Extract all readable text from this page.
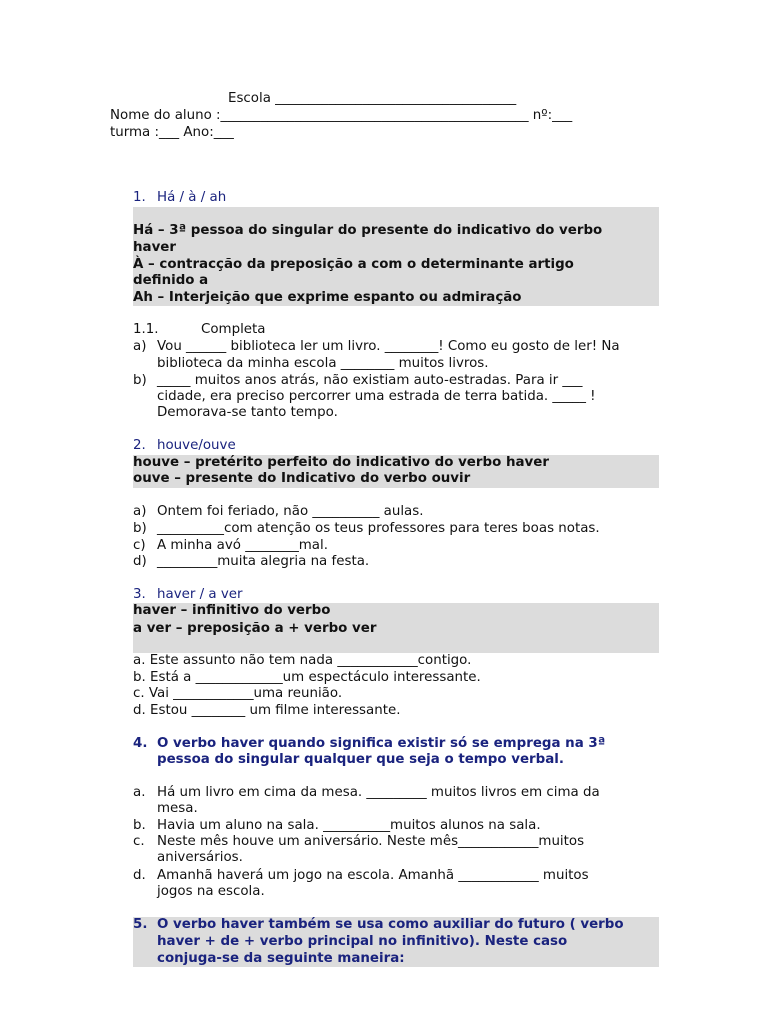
Escola ____________________________________
Nome do aluno :______________________________________________ nº:___
turma :___ Ano:___
1. Há / à / ah
Há – 3ª pessoa do singular do presente do indicativo do verbo
haver
À – contracção da preposição a com o determinante artigo
definido a
Ah – Interjeição que exprime espanto ou admiração
1.1.	Completa
a) Vou ______ biblioteca ler um livro. ________! Como eu gosto de ler! Na
biblioteca da minha escola ________ muitos livros.
b) _____ muitos anos atrás, não existiam auto-estradas. Para ir ___
cidade, era preciso percorrer uma estrada de terra batida. _____ !
Demorava-se tanto tempo.
2. houve/ouve
houve – pretérito perfeito do indicativo do verbo haver
ouve – presente do Indicativo do verbo ouvir
a) Ontem foi feriado, não __________ aulas.
b) __________com atenção os teus professores para teres boas notas.
c) A minha avó ________mal.
d) _________muita alegria na festa.
3. haver / a ver
haver – infinitivo do verbo
a ver – preposição a + verbo ver
a. Este assunto não tem nada ____________contigo.
b. Está a _____________um espectáculo interessante.
c. Vai ____________uma reunião.
d. Estou ________ um filme interessante.
4. O verbo haver quando significa existir só se emprega na 3ª
pessoa do singular qualquer que seja o tempo verbal.
a. Há um livro em cima da mesa. _________ muitos livros em cima da
mesa.
b. Havia um aluno na sala. __________muitos alunos na sala.
c. Neste mês houve um aniversário. Neste mês____________muitos
aniversários.
d. Amanhã haverá um jogo na escola. Amanhã ____________ muitos
jogos na escola.
5. O verbo haver também se usa como auxiliar do futuro ( verbo
haver + de + verbo principal no infinitivo). Neste caso
conjuga-se da seguinte maneira:
